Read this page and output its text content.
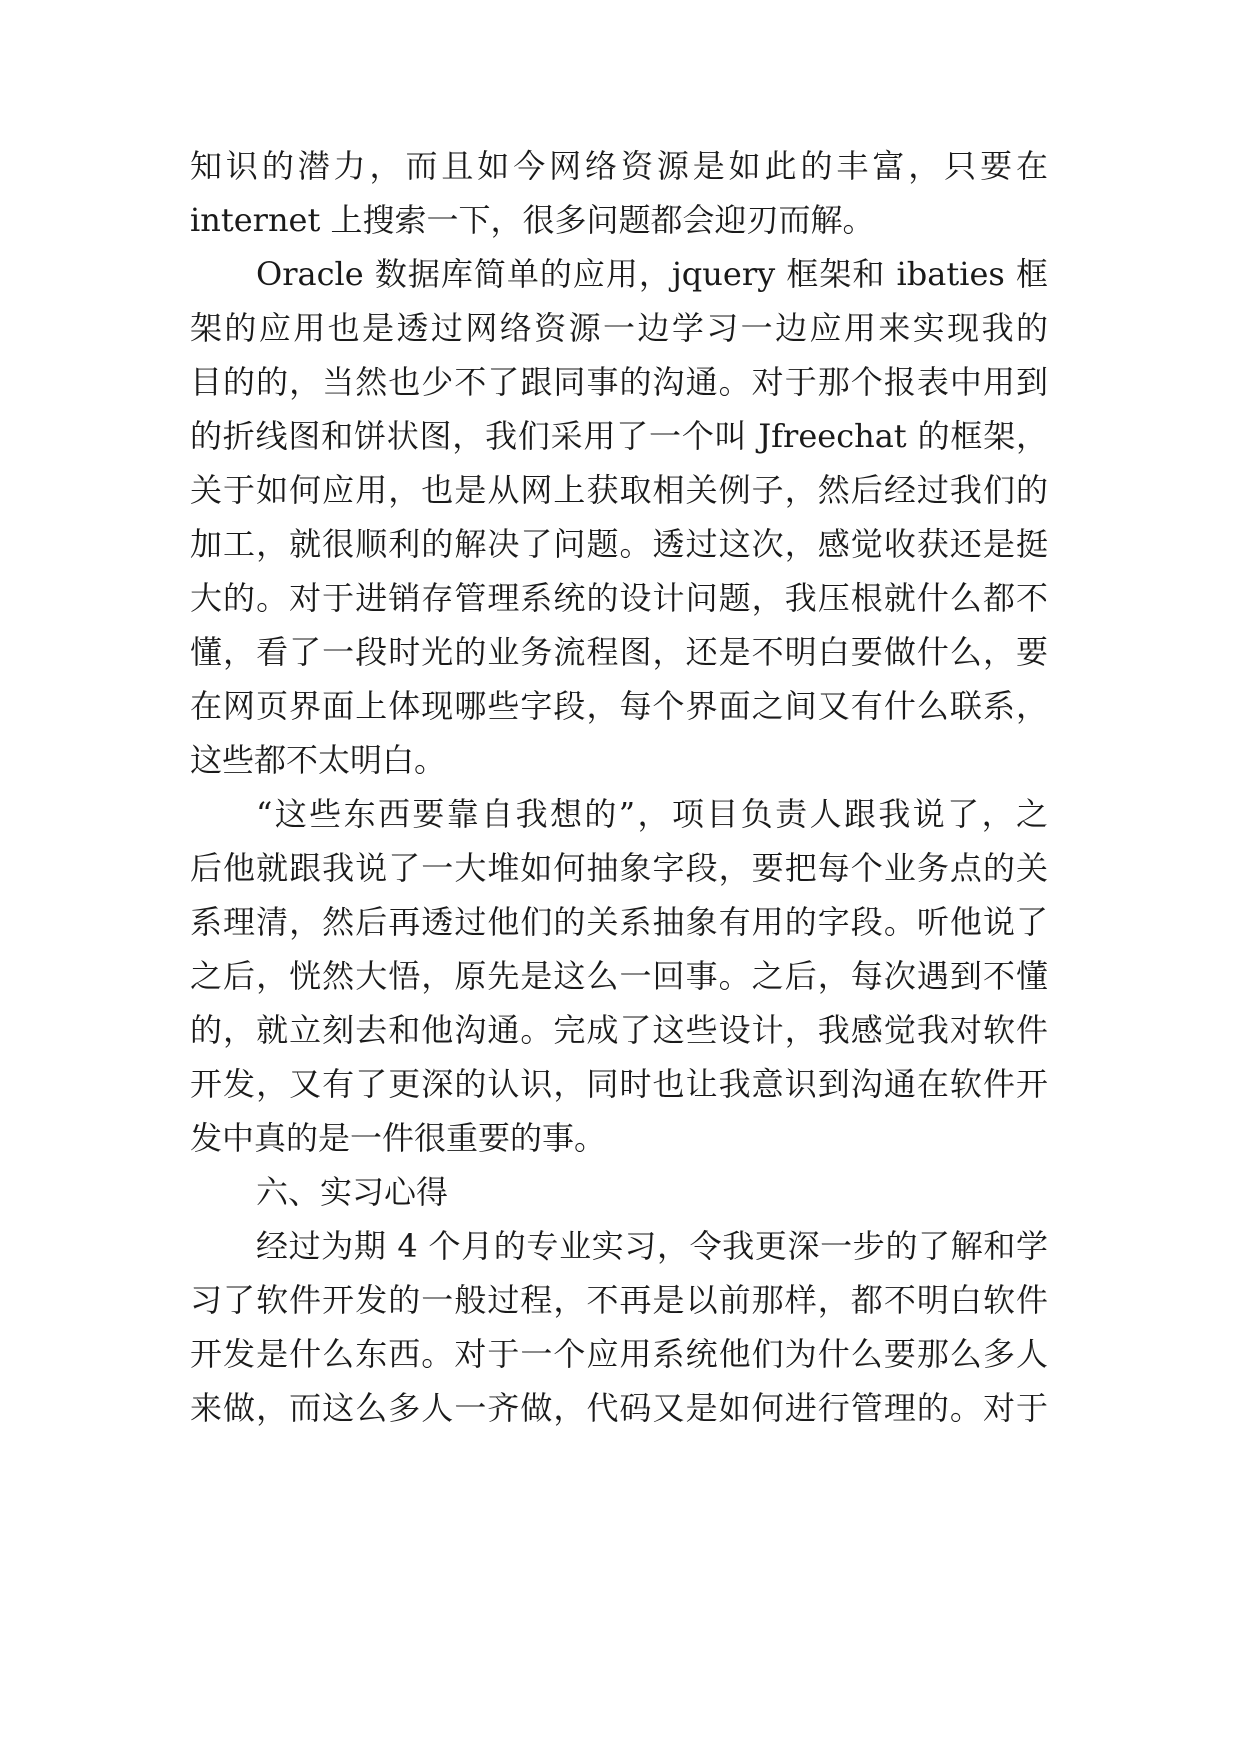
知识的潜力，而且如今网络资源是如此的丰富，只要在
internet 上搜索一下，很多问题都会迎刃而解。
Oracle 数据库简单的应用，jquery 框架和 ibaties 框
架的应用也是透过网络资源一边学习一边应用来实现我的
目的的，当然也少不了跟同事的沟通。对于那个报表中用到
的折线图和饼状图，我们采用了一个叫 Jfreechat 的框架，
关于如何应用，也是从网上获取相关例子，然后经过我们的
加工，就很顺利的解决了问题。透过这次，感觉收获还是挺
大的。对于进销存管理系统的设计问题，我压根就什么都不
懂，看了一段时光的业务流程图，还是不明白要做什么，要
在网页界面上体现哪些字段，每个界面之间又有什么联系，
这些都不太明白。
“这些东西要靠自我想的”，项目负责人跟我说了，之
后他就跟我说了一大堆如何抽象字段，要把每个业务点的关
系理清，然后再透过他们的关系抽象有用的字段。听他说了
之后，恍然大悟，原先是这么一回事。之后，每次遇到不懂
的，就立刻去和他沟通。完成了这些设计，我感觉我对软件
开发，又有了更深的认识，同时也让我意识到沟通在软件开
发中真的是一件很重要的事。
六、实习心得
经过为期 4 个月的专业实习，令我更深一步的了解和学
习了软件开发的一般过程，不再是以前那样，都不明白软件
开发是什么东西。对于一个应用系统他们为什么要那么多人
来做，而这么多人一齐做，代码又是如何进行管理的。对于
